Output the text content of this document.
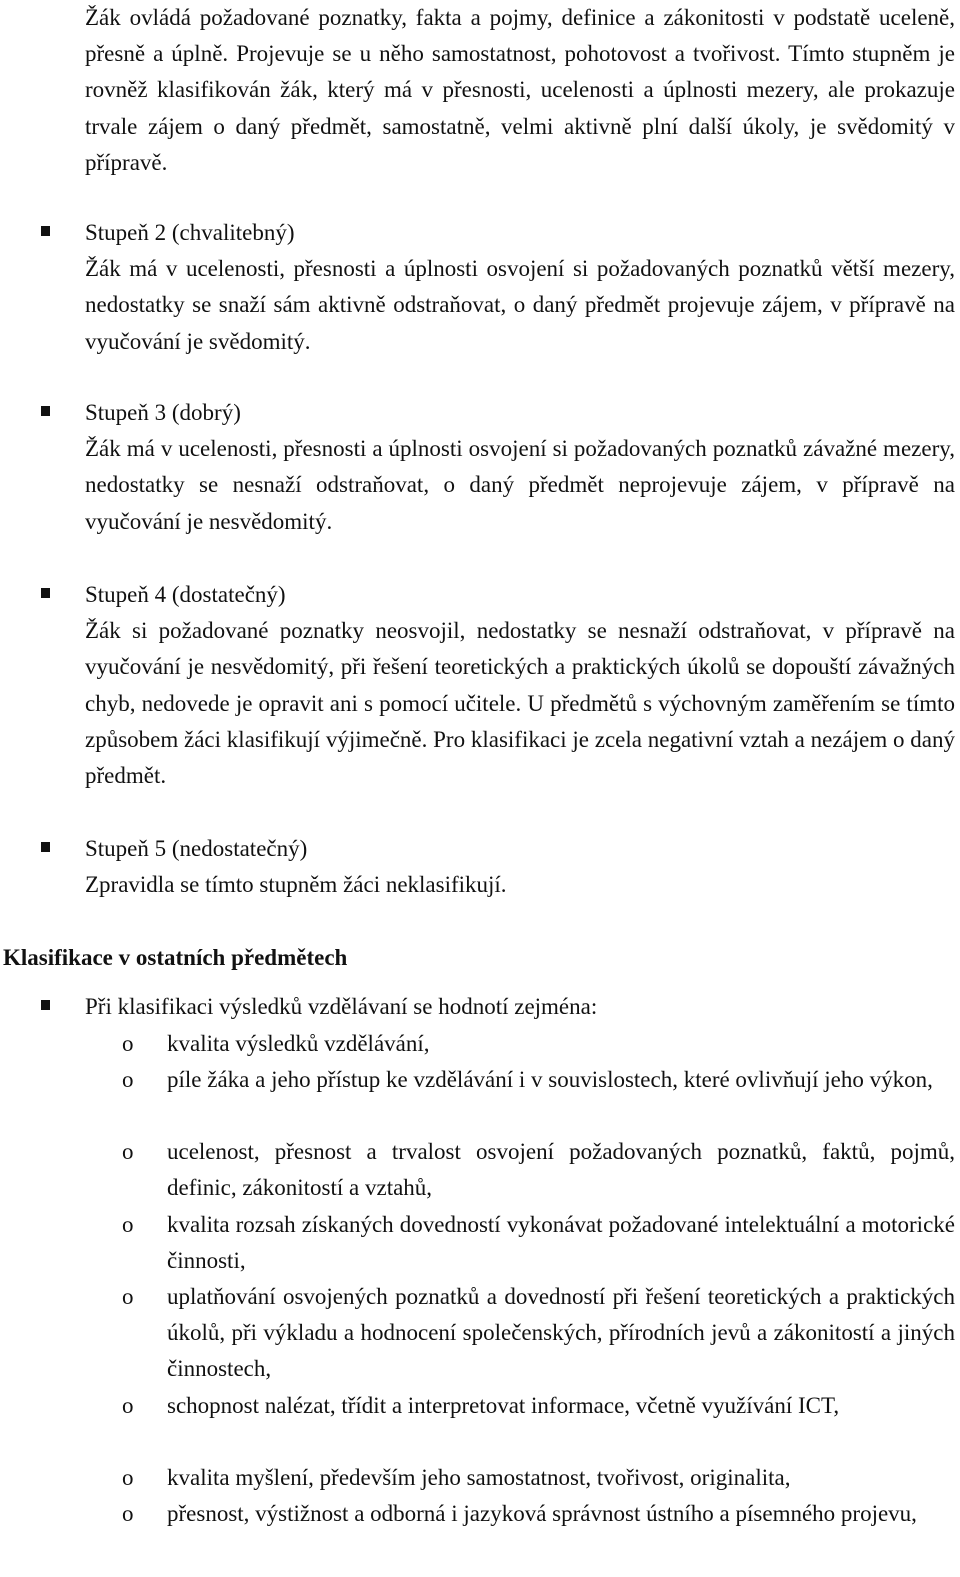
Žák ovládá požadované poznatky, fakta a pojmy, definice a zákonitosti v podstatě uceleně, přesně a úplně. Projevuje se u něho samostatnost, pohotovost a tvořivost. Tímto stupněm je rovněž klasifikován žák, který má v přesnosti, ucelenosti a úplnosti mezery, ale prokazuje trvale zájem o daný předmět, samostatně, velmi aktivně plní další úkoly, je svědomitý v přípravě.
Stupeň 2 (chvalitebný)
Žák má v ucelenosti, přesnosti a úplnosti osvojení si požadovaných poznatků větší mezery, nedostatky se snaží sám aktivně odstraňovat, o daný předmět projevuje zájem, v přípravě na vyučování je svědomitý.
Stupeň 3 (dobrý)
Žák má v ucelenosti, přesnosti a úplnosti osvojení si požadovaných poznatků závažné mezery, nedostatky se nesnaží odstraňovat, o daný předmět neprojevuje zájem, v přípravě na vyučování je nesvědomitý.
Stupeň 4 (dostatečný)
Žák si požadované poznatky neosvojil, nedostatky se nesnaží odstraňovat, v přípravě na vyučování je nesvědomitý, při řešení teoretických a praktických úkolů se dopouští závažných chyb, nedovede je opravit ani s pomocí učitele. U předmětů s výchovným zaměřením se tímto způsobem žáci klasifikují výjimečně. Pro klasifikaci je zcela negativní vztah a nezájem o daný předmět.
Stupeň 5 (nedostatečný)
Zpravidla se tímto stupněm žáci neklasifikují.
Klasifikace v ostatních předmětech
Při klasifikaci výsledků vzdělávaní se hodnotí zejména:
o kvalita výsledků vzdělávání,
o píle žáka a jeho přístup ke vzdělávání i v souvislostech, které ovlivňují jeho výkon,
o ucelenost, přesnost a trvalost osvojení požadovaných poznatků, faktů, pojmů, definic, zákonitostí a vztahů,
o kvalita rozsah získaných dovedností vykonávat požadované intelektuální a motorické činnosti,
o uplatňování osvojených poznatků a dovedností při řešení teoretických a praktických úkolů, při výkladu a hodnocení společenských, přírodních jevů a zákonitostí a jiných činnostech,
o schopnost nalézat, třídit a interpretovat informace, včetně využívání ICT,
o kvalita myšlení, především jeho samostatnost, tvořivost, originalita,
o přesnost, výstižnost a odborná i jazyková správnost ústního a písemného projevu,
